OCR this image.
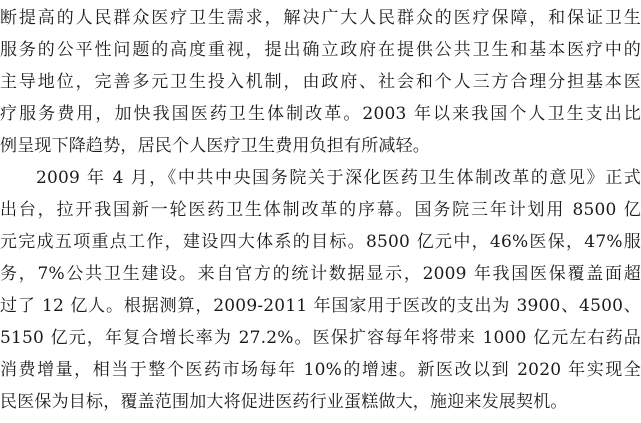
断提高的人民群众医疗卫生需求，解决广大人民群众的医疗保障，和保证卫生
服务的公平性问题的高度重视，提出确立政府在提供公共卫生和基本医疗中的
主导地位，完善多元卫生投入机制，由政府、社会和个人三方合理分担基本医
疗服务费用，加快我国医药卫生体制改革。2003 年以来我国个人卫生支出比
例呈现下降趋势，居民个人医疗卫生费用负担有所减轻。
2009 年 4 月，《中共中央国务院关于深化医药卫生体制改革的意见》正式
出台，拉开我国新一轮医药卫生体制改革的序幕。国务院三年计划用 8500 亿
元完成五项重点工作，建设四大体系的目标。8500 亿元中，46%医保，47%服
务，7%公共卫生建设。来自官方的统计数据显示，2009 年我国医保覆盖面超
过了 12 亿人。根据测算，2009-2011 年国家用于医改的支出为 3900、4500、
5150 亿元，年复合增长率为 27.2%。医保扩容每年将带来 1000 亿元左右药品
消费增量，相当于整个医药市场每年 10%的增速。新医改以到 2020 年实现全
民医保为目标，覆盖范围加大将促进医药行业蛋糕做大，施迎来发展契机。
